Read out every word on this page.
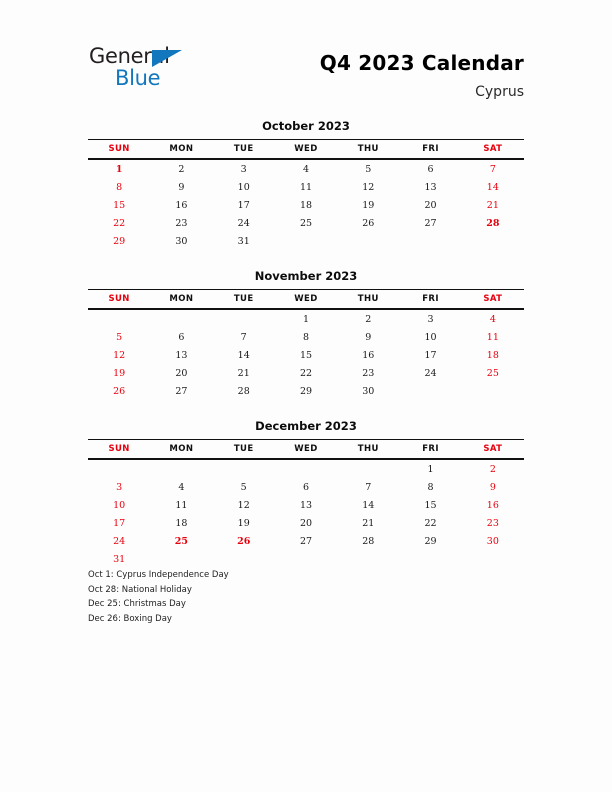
General
Blue
Q4 2023 Calendar
Cyprus
October 2023
SUN	MON	TUE	WED	THU	FRI	SAT
1	2	3	4	5	6	7
8	9	10	11	12	13	14
15	16	17	18	19	20	21
22	23	24	25	26	27	28
29	30	31				
November 2023
SUN	MON	TUE	WED	THU	FRI	SAT
			1	2	3	4
5	6	7	8	9	10	11
12	13	14	15	16	17	18
19	20	21	22	23	24	25
26	27	28	29	30		
December 2023
SUN	MON	TUE	WED	THU	FRI	SAT
					1	2
3	4	5	6	7	8	9
10	11	12	13	14	15	16
17	18	19	20	21	22	23
24	25	26	27	28	29	30
31						
Oct 1: Cyprus Independence Day
Oct 28: National Holiday
Dec 25: Christmas Day
Dec 26: Boxing Day
